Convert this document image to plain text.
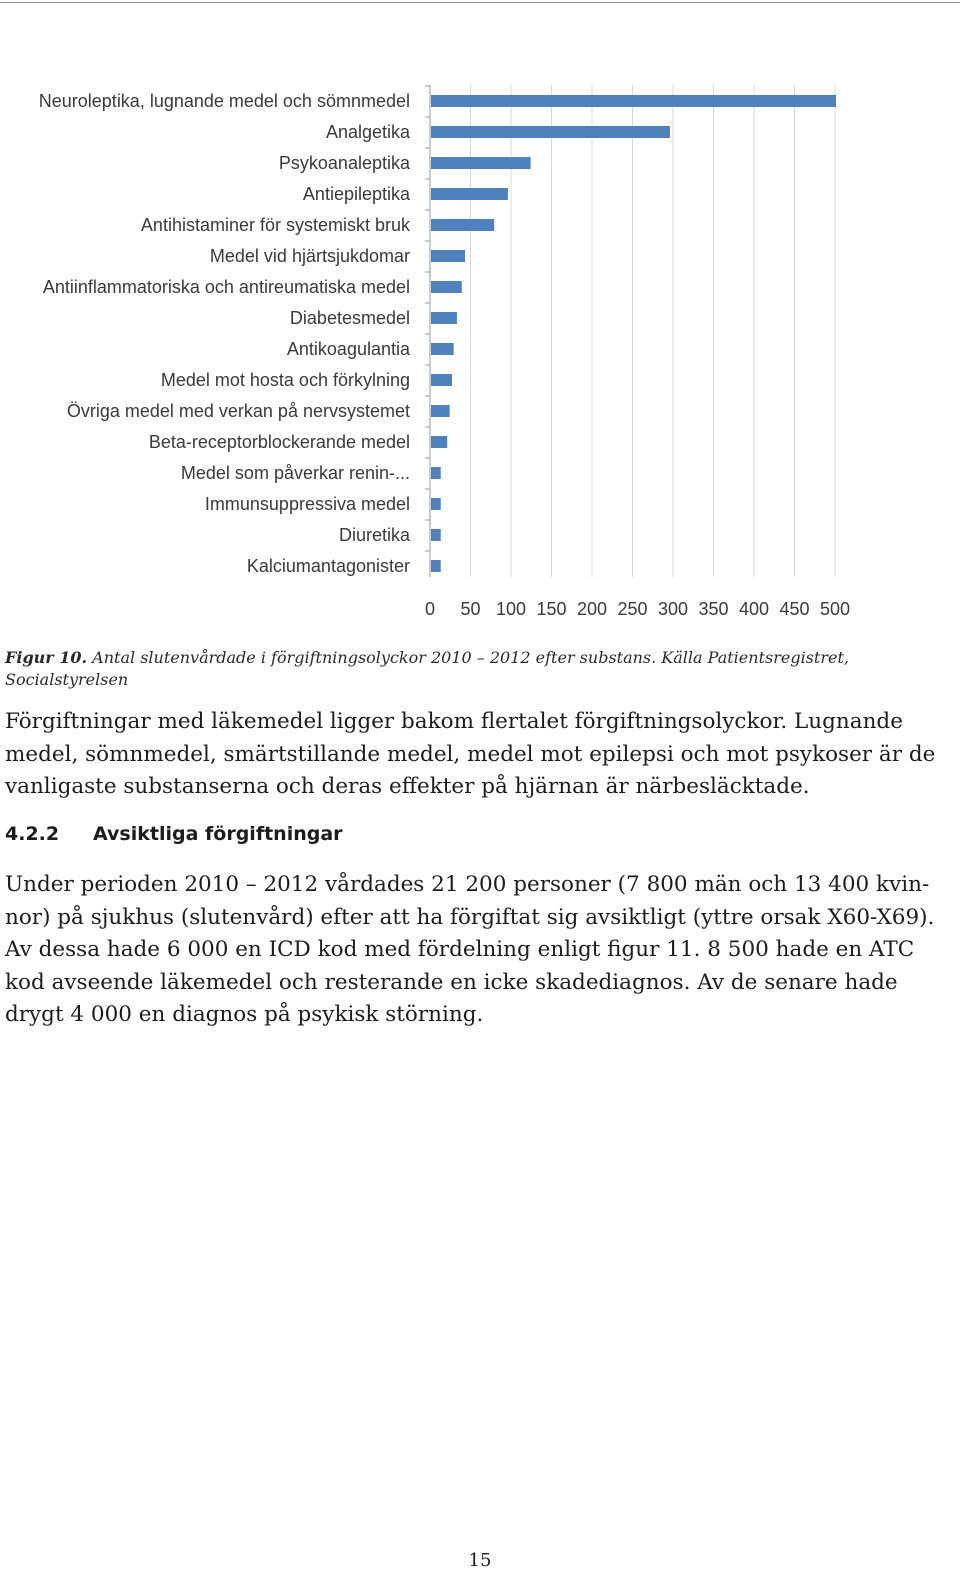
Neuroleptika, lugnande medel och sömnmedel
Analgetika
Psykoanaleptika
Antiepileptika
Antihistaminer för systemiskt bruk
Medel vid hjärtsjukdomar
Antiinflammatoriska och antireumatiska medel
Diabetesmedel
Antikoagulantia
Medel mot hosta och förkylning
Övriga medel med verkan på nervsystemet
Beta-receptorblockerande medel
Medel som påverkar renin-...
Immunsuppressiva medel
Diuretika
Kalciumantagonister
0 50 100 150 200 250 300 350 400 450 500
Figur 10. Antal slutenvårdade i förgiftningsolyckor 2010 – 2012 efter substans. Källa Patientsregistret, Socialstyrelsen

Förgiftningar med läkemedel ligger bakom flertalet förgiftningsolyckor. Lugnande medel, sömnmedel, smärtstillande medel, medel mot epilepsi och mot psykoser är de vanligaste substanserna och deras effekter på hjärnan är närbesläcktade.

4.2.2 Avsiktliga förgiftningar
Under perioden 2010 – 2012 vårdades 21 200 personer (7 800 män och 13 400 kvin-
nor) på sjukhus (slutenvård) efter att ha förgiftat sig avsiktligt (yttre orsak X60-X69).
Av dessa hade 6 000 en ICD kod med fördelning enligt figur 11. 8 500 hade en ATC
kod avseende läkemedel och resterande en icke skadediagnos. Av de senare hade
drygt 4 000 en diagnos på psykisk störning.
15
